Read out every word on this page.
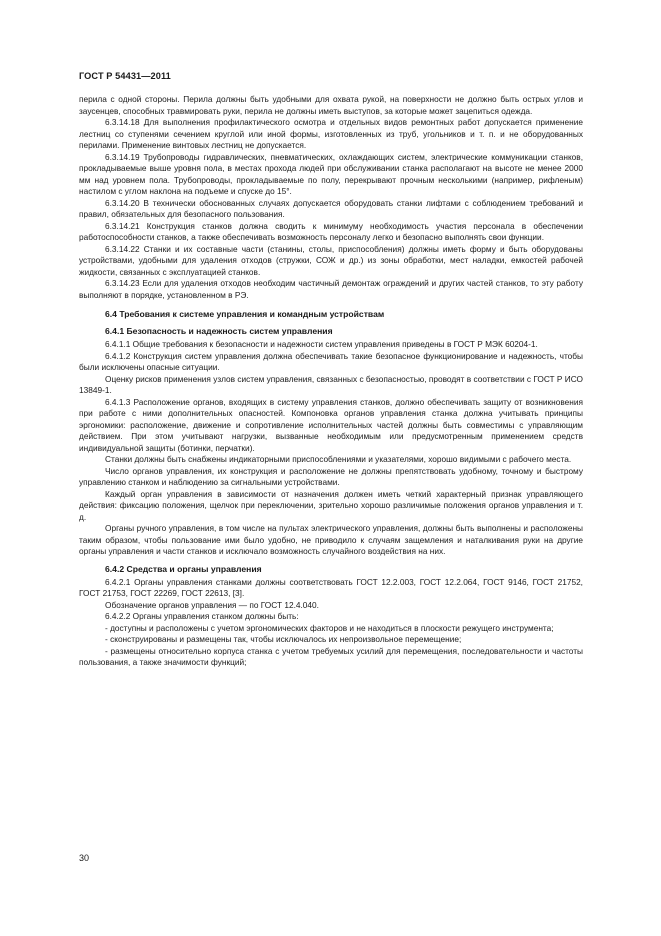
ГОСТ Р 54431—2011

перила с одной стороны. Перила должны быть удобными для охвата рукой, на поверхности не должно быть острых углов и заусенцев, способных травмировать руки, перила не должны иметь выступов, за которые может зацепиться одежда.

6.3.14.18 Для выполнения профилактического осмотра и отдельных видов ремонтных работ допускается применение лестниц со ступенями сечением круглой или иной формы, изготовленных из труб, угольников и т. п. и не оборудованных перилами. Применение винтовых лестниц не допускается.

6.3.14.19 Трубопроводы гидравлических, пневматических, охлаждающих систем, электрические коммуникации станков, прокладываемые выше уровня пола, в местах прохода людей при обслуживании станка располагают на высоте не менее 2000 мм над уровнем пола. Трубопроводы, прокладываемые по полу, перекрывают прочным несколькими (например, рифленым) настилом с углом наклона на подъеме и спуске до 15°.

6.3.14.20 В технически обоснованных случаях допускается оборудовать станки лифтами с соблюдением требований и правил, обязательных для безопасного пользования.

6.3.14.21 Конструкция станков должна сводить к минимуму необходимость участия персонала в обеспечении работоспособности станков, а также обеспечивать возможность персоналу легко и безопасно выполнять свои функции.

6.3.14.22 Станки и их составные части (станины, столы, приспособления) должны иметь форму и быть оборудованы устройствами, удобными для удаления отходов (стружки, СОЖ и др.) из зоны обработки, мест наладки, емкостей рабочей жидкости, связанных с эксплуатацией станков.

6.3.14.23 Если для удаления отходов необходим частичный демонтаж ограждений и других частей станков, то эту работу выполняют в порядке, установленном в РЭ.

6.4 Требования к системе управления и командным устройствам
6.4.1 Безопасность и надежность систем управления

6.4.1.1 Общие требования к безопасности и надежности систем управления приведены в ГОСТ Р МЭК 60204-1.

6.4.1.2 Конструкция систем управления должна обеспечивать такие безопасное функционирование и надежность, чтобы были исключены опасные ситуации.

Оценку рисков применения узлов систем управления, связанных с безопасностью, проводят в соответствии с ГОСТ Р ИСО 13849-1.

6.4.1.3 Расположение органов, входящих в систему управления станков, должно обеспечивать защиту от возникновения при работе с ними дополнительных опасностей. Компоновка органов управления станка должна учитывать принципы эргономики: расположение, движение и сопротивление исполнительных частей должны быть совместимы с управляющим действием. При этом учитывают нагрузки, вызванные необходимым или предусмотренным применением средств индивидуальной защиты (ботинки, перчатки).

Станки должны быть снабжены индикаторными приспособлениями и указателями, хорошо видимыми с рабочего места.

Число органов управления, их конструкция и расположение не должны препятствовать удобному, точному и быстрому управлению станком и наблюдению за сигнальными устройствами.

Каждый орган управления в зависимости от назначения должен иметь четкий характерный признак управляющего действия: фиксацию положения, щелчок при переключении, зрительно хорошо различимые положения органов управления и т. д.

Органы ручного управления, в том числе на пультах электрического управления, должны быть выполнены и расположены таким образом, чтобы пользование ими было удобно, не приводило к случаям защемления и наталкивания руки на другие органы управления и части станков и исключало возможность случайного воздействия на них.

6.4.2 Средства и органы управления

6.4.2.1 Органы управления станками должны соответствовать ГОСТ 12.2.003, ГОСТ 12.2.064, ГОСТ 9146, ГОСТ 21752, ГОСТ 21753, ГОСТ 22269, ГОСТ 22613, [3].

Обозначение органов управления — по ГОСТ 12.4.040.

6.4.2.2 Органы управления станком должны быть:

- доступны и расположены с учетом эргономических факторов и не находиться в плоскости режущего инструмента;

- сконструированы и размещены так, чтобы исключалось их непроизвольное перемещение;

- размещены относительно корпуса станка с учетом требуемых усилий для перемещения, последовательности и частоты пользования, а также значимости функций;

30
